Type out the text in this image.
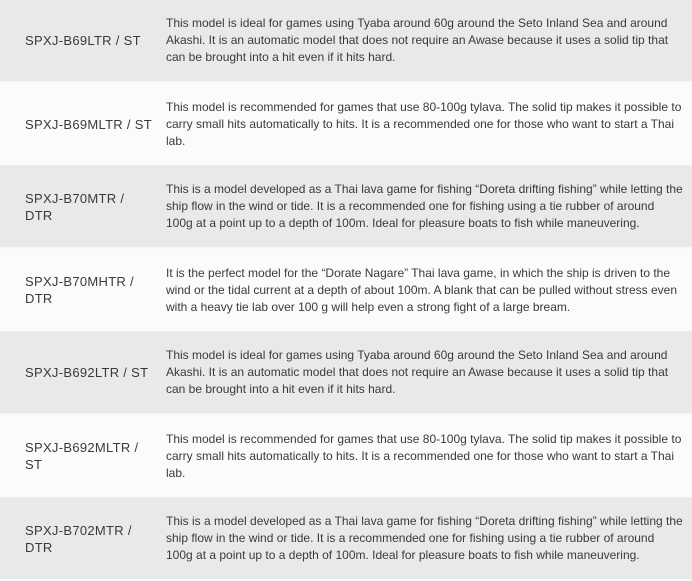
SPXJ-B69LTR / ST
This model is ideal for games using Tyaba around 60g around the Seto Inland Sea and around Akashi. It is an automatic model that does not require an Awase because it uses a solid tip that can be brought into a hit even if it hits hard.
SPXJ-B69MLTR / ST
This model is recommended for games that use 80-100g tylava. The solid tip makes it possible to carry small hits automatically to hits. It is a recommended one for those who want to start a Thai lab.
SPXJ-B70MTR / DTR
This is a model developed as a Thai lava game for fishing “Doreta drifting fishing” while letting the ship flow in the wind or tide. It is a recommended one for fishing using a tie rubber of around 100g at a point up to a depth of 100m. Ideal for pleasure boats to fish while maneuvering.
SPXJ-B70MHTR /
DTR
It is the perfect model for the “Dorate Nagare” Thai lava game, in which the ship is driven to the wind or the tidal current at a depth of about 100m. A blank that can be pulled without stress even with a heavy tie lab over 100 g will help even a strong fight of a large bream.
SPXJ-B692LTR / ST
This model is ideal for games using Tyaba around 60g around the Seto Inland Sea and around Akashi. It is an automatic model that does not require an Awase because it uses a solid tip that can be brought into a hit even if it hits hard.
SPXJ-B692MLTR / ST
This model is recommended for games that use 80-100g tylava. The solid tip makes it possible to carry small hits automatically to hits. It is a recommended one for those who want to start a Thai lab.
SPXJ-B702MTR /
DTR
This is a model developed as a Thai lava game for fishing “Doreta drifting fishing” while letting the ship flow in the wind or tide. It is a recommended one for fishing using a tie rubber of around 100g at a point up to a depth of 100m. Ideal for pleasure boats to fish while maneuvering.
